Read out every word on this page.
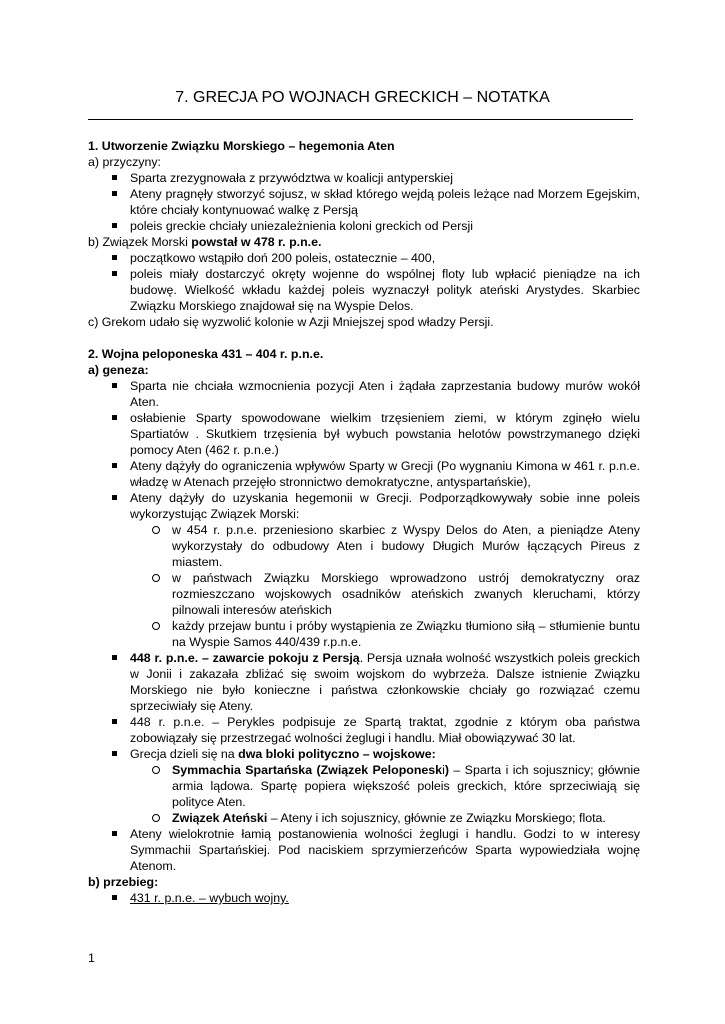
7. GRECJA PO WOJNACH GRECKICH – NOTATKA

1. Utworzenie Związku Morskiego – hegemonia Aten

a) przyczyny:

Sparta zrezygnowała z przywództwa w koalicji antyperskiej
Ateny pragnęły stworzyć sojusz, w skład którego wejdą poleis leżące nad Morzem Egejskim, które chciały kontynuować walkę z Persją
poleis greckie chciały uniezależnienia koloni greckich od Persji

b) Związek Morski powstał w 478 r. p.n.e.

początkowo wstąpiło doń 200 poleis, ostatecznie – 400,
poleis miały dostarczyć okręty wojenne do wspólnej floty lub wpłacić pieniądze na ich budowę. Wielkość wkładu każdej poleis wyznaczył polityk ateński Arystydes. Skarbiec Związku Morskiego znajdował się na Wyspie Delos.

c) Grekom udało się wyzwolić kolonie w Azji Mniejszej spod władzy Persji.

2. Wojna peloponeska 431 – 404 r. p.n.e.

a) geneza:

Sparta nie chciała wzmocnienia pozycji Aten i żądała zaprzestania budowy murów wokół Aten.
osłabienie Sparty spowodowane wielkim trzęsieniem ziemi, w którym zginęło wielu Spartiatów . Skutkiem trzęsienia był wybuch powstania helotów powstrzymanego dzięki pomocy Aten (462 r. p.n.e.)
Ateny dążyły do ograniczenia wpływów Sparty w Grecji (Po wygnaniu Kimona w 461 r. p.n.e. władzę w Atenach przejęło stronnictwo demokratyczne, antyspartańskie),
Ateny dążyły do uzyskania hegemonii w Grecji. Podporządkowywały sobie inne poleis wykorzystując Związek Morski:
w 454 r. p.n.e. przeniesiono skarbiec z Wyspy Delos do Aten, a pieniądze Ateny wykorzystały do odbudowy Aten i budowy Długich Murów łączących Pireus z miastem.
w państwach Związku Morskiego wprowadzono ustrój demokratyczny oraz rozmieszczano wojskowych osadników ateńskich zwanych kleruchami, którzy pilnowali interesów ateńskich
każdy przejaw buntu i próby wystąpienia ze Związku tłumiono siłą – stłumienie buntu na Wyspie Samos 440/439 r.p.n.e.
448 r. p.n.e. – zawarcie pokoju z Persją. Persja uznała wolność wszystkich poleis greckich w Jonii i zakazała zbliżać się swoim wojskom do wybrzeża. Dalsze istnienie Związku Morskiego nie było konieczne i państwa członkowskie chciały go rozwiązać czemu sprzeciwiały się Ateny.
448 r. p.n.e. – Perykles podpisuje ze Spartą traktat, zgodnie z którym oba państwa zobowiązały się przestrzegać wolności żeglugi i handlu. Miał obowiązywać 30 lat.
Grecja dzieli się na dwa bloki polityczno – wojskowe:
Symmachia Spartańska (Związek Peloponeski) – Sparta i ich sojusznicy; głównie armia lądowa. Spartę popiera większość poleis greckich, które sprzeciwiają się polityce Aten.
Związek Ateński – Ateny i ich sojusznicy, głównie ze Związku Morskiego; flota.
Ateny wielokrotnie łamią postanowienia wolności żeglugi i handlu. Godzi to w interesy Symmachii Spartańskiej. Pod naciskiem sprzymierzeńców Sparta wypowiedziała wojnę Atenom.

b) przebieg:

431 r. p.n.e. – wybuch wojny.
1
